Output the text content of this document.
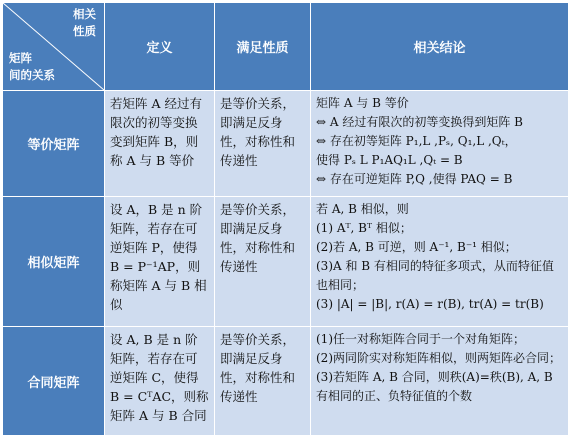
相关
性质
矩阵
间的关系	定义	满足性质	相关结论
等价矩阵	若矩阵 A 经过有限次的初等变换变到矩阵 B，则称 A 与 B 等价	是等价关系，即满足反身性，对称性和传递性	矩阵 A 与 B 等价
⇔ A 经过有限次的初等变换得到矩阵 B
⇔ 存在初等矩阵 P₁,L ,Pₛ, Q₁,L ,Qₜ，
使得 Pₛ L P₁AQ₁L ,Qₜ = B
⇔ 存在可逆矩阵 P,Q ,使得 PAQ = B

相似矩阵	设 A，B 是 n 阶矩阵，若存在可逆矩阵 P，使得 B = P⁻¹AP，则称矩阵 A 与 B 相似	是等价关系，即满足反身性，对称性和传递性	若 A, B 相似，则
(1) Aᵀ, Bᵀ 相似；
(2)若 A, B 可逆，则 A⁻¹, B⁻¹ 相似；
(3)A 和 B 有相同的特征多项式，从而特征值也相同；
(3) |A| = |B|, r(A) = r(B), tr(A) = tr(B)

合同矩阵	设 A, B 是 n 阶矩阵，若存在可逆矩阵 C，使得 B = CᵀAC，则称矩阵 A 与 B 合同	是等价关系，即满足反身性，对称性和传递性	(1)任一对称矩阵合同于一个对角矩阵；
(2)两同阶实对称矩阵相似，则两矩阵必合同；
(3)若矩阵 A, B 合同，则秩(A)=秩(B), A, B 有相同的正、负特征值的个数
